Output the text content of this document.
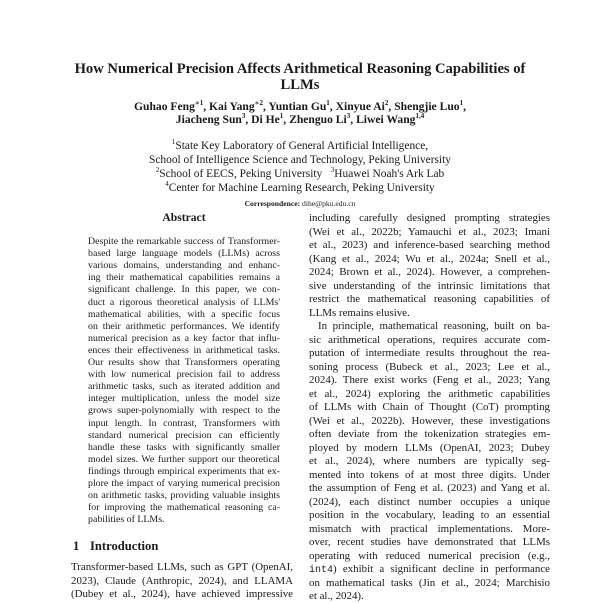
How Numerical Precision Affects Arithmetical Reasoning Capabilities of
LLMs
Guhao Feng$^{∗1}$, Kai Yang$^{∗2}$, Yuntian Gu$^1$, Xinyue Ai$^2$, Shengjie Luo$^1$,
Jiacheng Sun$^3$, Di He$^1$, Zhenguo Li$^3$, Liwei Wang$^{1,4}$
$^1$State Key Laboratory of General Artificial Intelligence,
School of Intelligence Science and Technology, Peking University
$^2$School of EECS, Peking University $^3$Huawei Noah's Ark Lab
$^4$Center for Machine Learning Research, Peking University
Correspondence: dihe@pku.edu.cn
Abstract
Despite the remarkable success of Transformer-
based large language models (LLMs) across
various domains, understanding and enhanc-
ing their mathematical capabilities remains a
significant challenge. In this paper, we con-
duct a rigorous theoretical analysis of LLMs'
mathematical abilities, with a specific focus
on their arithmetic performances. We identify
numerical precision as a key factor that influ-
ences their effectiveness in arithmetical tasks.
Our results show that Transformers operating
with low numerical precision fail to address
arithmetic tasks, such as iterated addition and
integer multiplication, unless the model size
grows super-polynomially with respect to the
input length. In contrast, Transformers with
standard numerical precision can efficiently
handle these tasks with significantly smaller
model sizes. We further support our theoretical
findings through empirical experiments that ex-
plore the impact of varying numerical precision
on arithmetic tasks, providing valuable insights
for improving the mathematical reasoning ca-
pabilities of LLMs.
1 Introduction
Transformer-based LLMs, such as GPT (OpenAI,
2023), Claude (Anthropic, 2024), and LLAMA
(Dubey et al., 2024), have achieved impressive
including carefully designed prompting strategies
(Wei et al., 2022b; Yamauchi et al., 2023; Imani
et al., 2023) and inference-based searching method
(Kang et al., 2024; Wu et al., 2024a; Snell et al.,
2024; Brown et al., 2024). However, a comprehen-
sive understanding of the intrinsic limitations that
restrict the mathematical reasoning capabilities of
LLMs remains elusive.
In principle, mathematical reasoning, built on ba-
sic arithmetical operations, requires accurate com-
putation of intermediate results throughout the rea-
soning process (Bubeck et al., 2023; Lee et al.,
2024). There exist works (Feng et al., 2023; Yang
et al., 2024) exploring the arithmetic capabilities
of LLMs with Chain of Thought (CoT) prompting
(Wei et al., 2022b). However, these investigations
often deviate from the tokenization strategies em-
ployed by modern LLMs (OpenAI, 2023; Dubey
et al., 2024), where numbers are typically seg-
mented into tokens of at most three digits. Under
the assumption of Feng et al. (2023) and Yang et al.
(2024), each distinct number occupies a unique
position in the vocabulary, leading to an essential
mismatch with practical implementations. More-
over, recent studies have demonstrated that LLMs
operating with reduced numerical precision (e.g.,
int4) exhibit a significant decline in performance
on mathematical tasks (Jin et al., 2024; Marchisio
et al., 2024).
